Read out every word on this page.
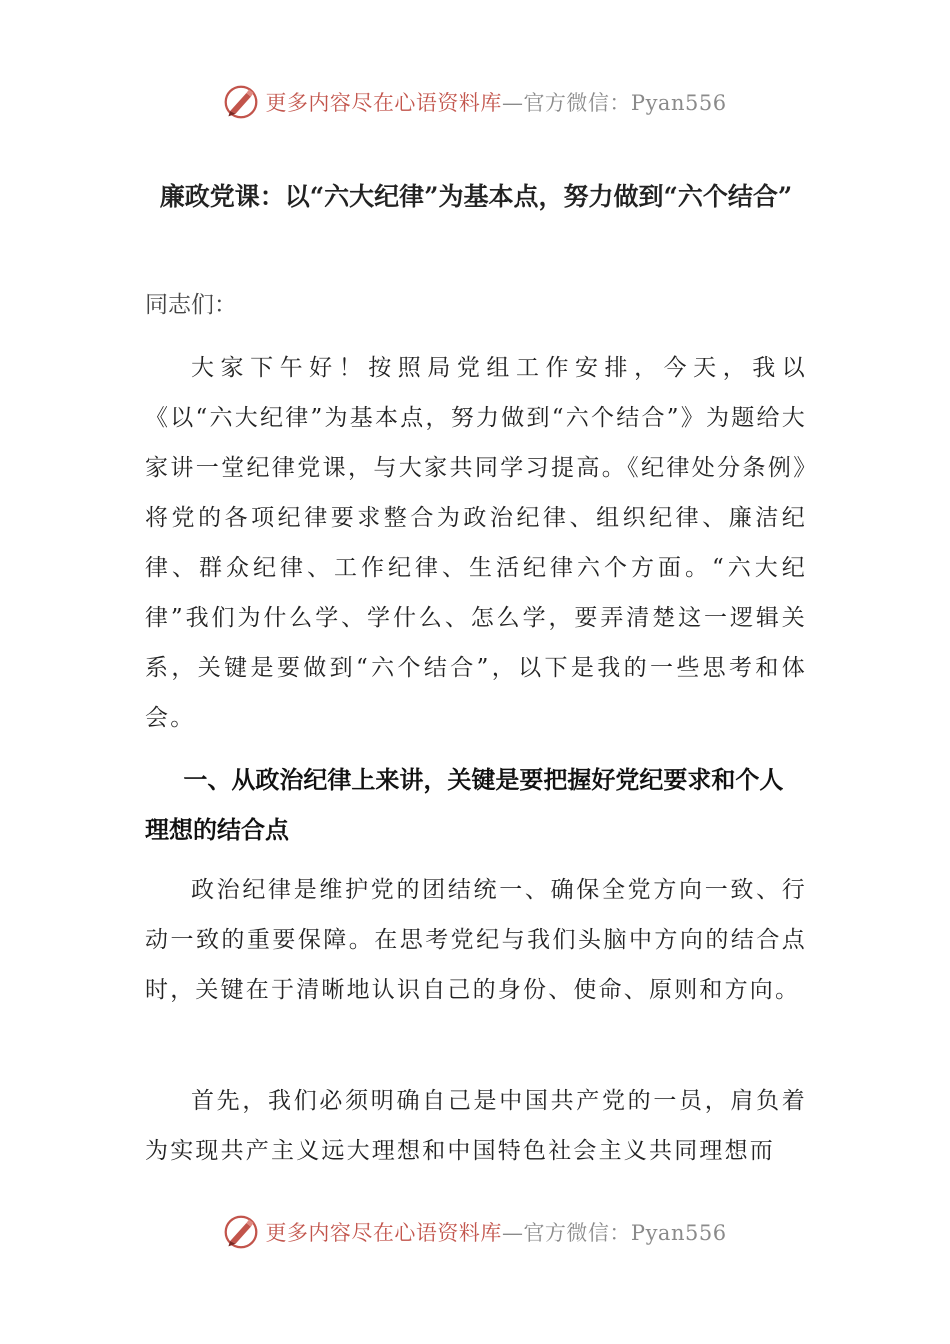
更多内容尽在心语资料库—官方微信：Pyan556
廉政党课：以“六大纪律”为基本点，努力做到“六个结合”
同志们：

大家下午好！按照局党组工作安排，今天，我以《以“六大纪律”为基本点，努力做到“六个结合”》为题给大家讲一堂纪律党课，与大家共同学习提高。《纪律处分条例》将党的各项纪律要求整合为政治纪律、组织纪律、廉洁纪律、群众纪律、工作纪律、生活纪律六个方面。“六大纪律”我们为什么学、学什么、怎么学，要弄清楚这一逻辑关系，关键是要做到“六个结合”，以下是我的一些思考和体会。

一、从政治纪律上来讲，关键是要把握好党纪要求和个人理想的结合点

政治纪律是维护党的团结统一、确保全党方向一致、行动一致的重要保障。在思考党纪与我们头脑中方向的结合点时，关键在于清晰地认识自己的身份、使命、原则和方向。

首先，我们必须明确自己是中国共产党的一员，肩负着为实现共产主义远大理想和中国特色社会主义共同理想而

更多内容尽在心语资料库—官方微信：Pyan556
